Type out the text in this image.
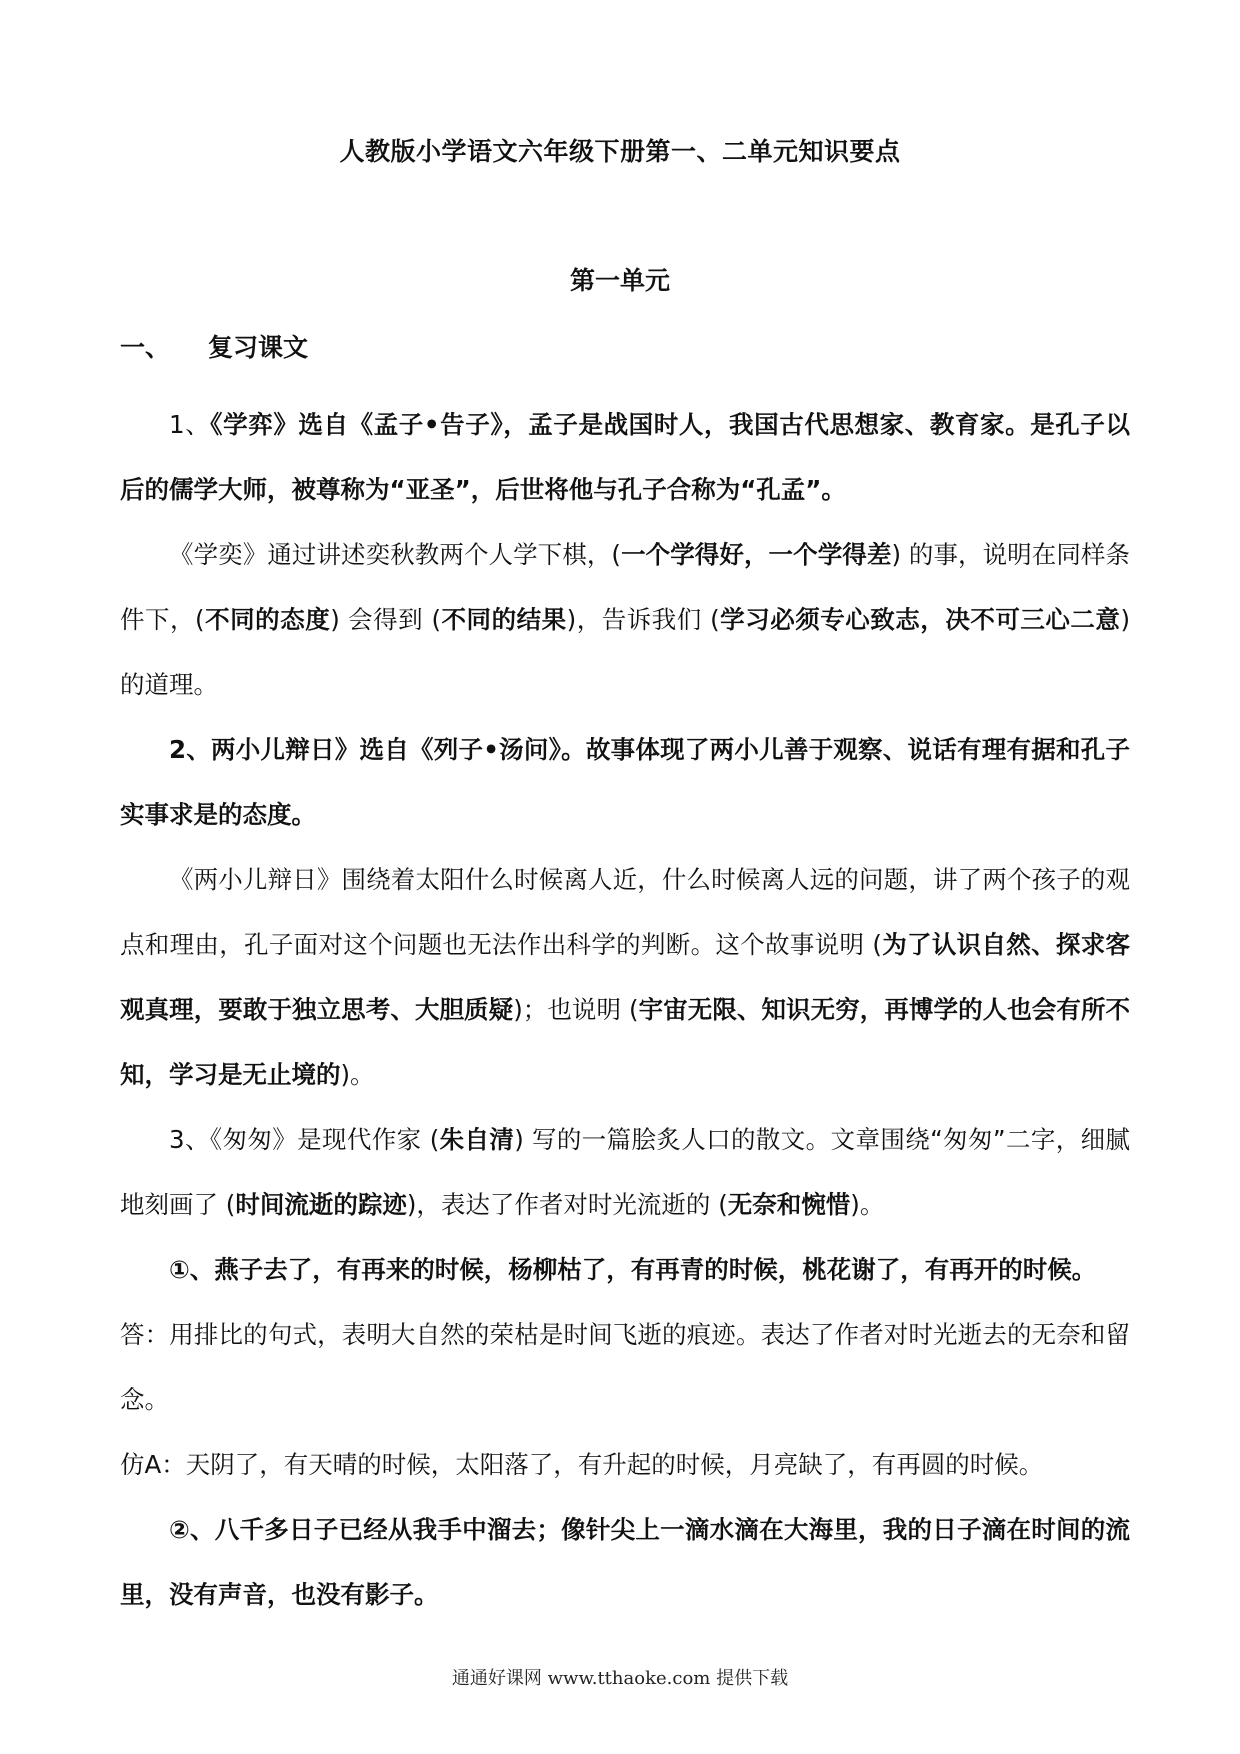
人教版小学语文六年级下册第一、二单元知识要点
第一单元
一、 复习课文

1、《学弈》选自《孟子•告子》，孟子是战国时人，我国古代思想家、教育家。是孔子以后的儒学大师，被尊称为“亚圣”，后世将他与孔子合称为“孔孟”。

《学奕》通过讲述奕秋教两个人学下棋，(一个学得好，一个学得差) 的事，说明在同样条件下，(不同的态度) 会得到 (不同的结果)，告诉我们 (学习必须专心致志，决不可三心二意) 的道理。

2、两小儿辩日》选自《列子•汤问》。故事体现了两小儿善于观察、说话有理有据和孔子实事求是的态度。

《两小儿辩日》围绕着太阳什么时候离人近，什么时候离人远的问题，讲了两个孩子的观点和理由，孔子面对这个问题也无法作出科学的判断。这个故事说明 (为了认识自然、探求客观真理，要敢于独立思考、大胆质疑)；也说明 (宇宙无限、知识无穷，再博学的人也会有所不知，学习是无止境的)。

3、《匆匆》是现代作家 (朱自清) 写的一篇脍炙人口的散文。文章围绕“匆匆”二字，细腻地刻画了 (时间流逝的踪迹)，表达了作者对时光流逝的 (无奈和惋惜)。

①、燕子去了，有再来的时候，杨柳枯了，有再青的时候，桃花谢了，有再开的时候。

答：用排比的句式，表明大自然的荣枯是时间飞逝的痕迹。表达了作者对时光逝去的无奈和留念。

仿A：天阴了，有天晴的时候，太阳落了，有升起的时候，月亮缺了，有再圆的时候。

②、八千多日子已经从我手中溜去；像针尖上一滴水滴在大海里，我的日子滴在时间的流里，没有声音，也没有影子。

通通好课网 www.tthaoke.com 提供下载
